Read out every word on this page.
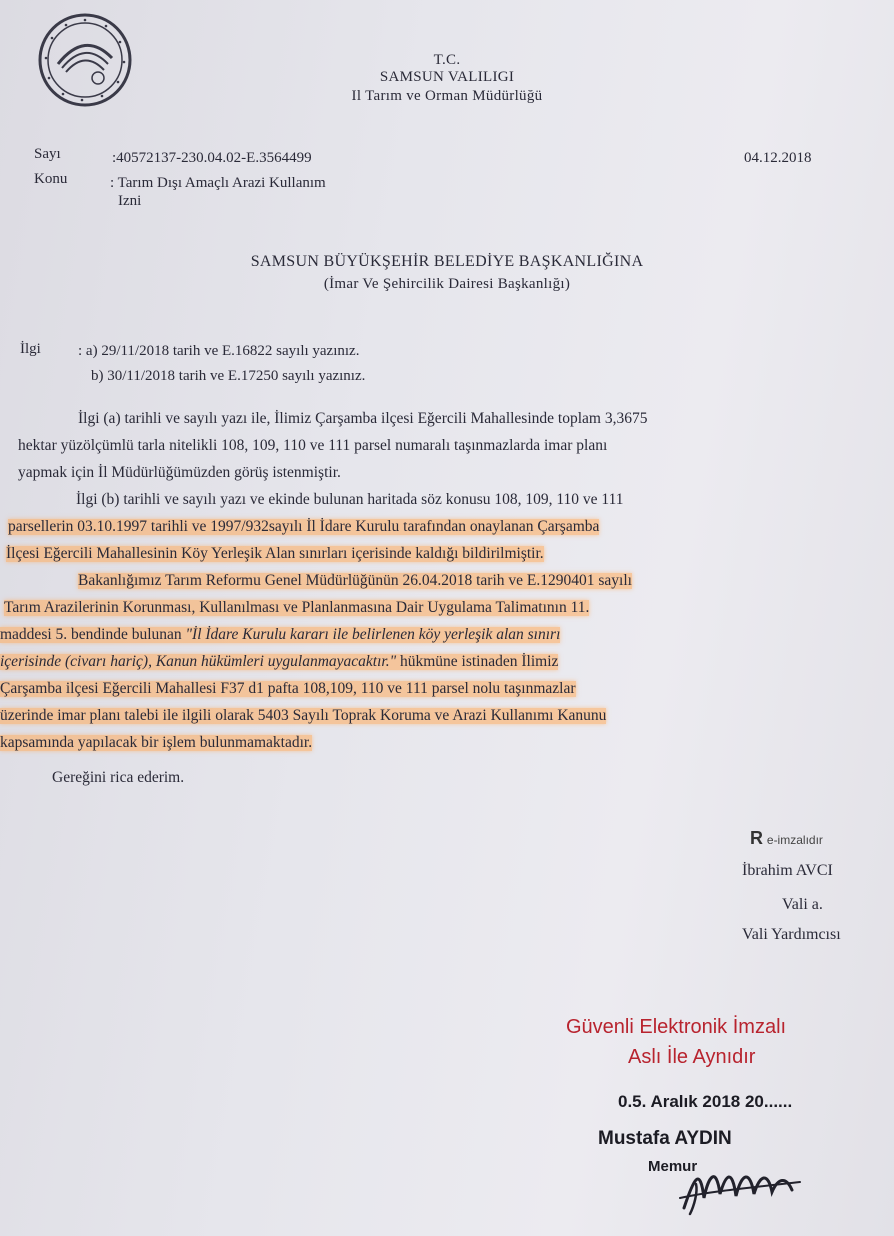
T.C.
SAMSUN VALILIGI
Il Tarım ve Orman Müdürlüğü
Sayı	:40572137-230.04.02-E.3564499	04.12.2018
Konu	: Tarım Dışı Amaçlı Arazi Kullanım
Izni
SAMSUN BÜYÜKŞEHİR BELEDİYE BAŞKANLIĞINA
(İmar Ve Şehircilik Dairesi Başkanlığı)
İlgi : a) 29/11/2018 tarih ve E.16822 sayılı yazınız.
b) 30/11/2018 tarih ve E.17250 sayılı yazınız.
İlgi (a) tarihli ve sayılı yazı ile, İlimiz Çarşamba ilçesi Eğercili Mahallesinde toplam 3,3675
hektar yüzölçümlü tarla nitelikli 108, 109, 110 ve 111 parsel numaralı taşınmazlarda imar planı
yapmak için İl Müdürlüğümüzden görüş istenmiştir.
İlgi (b) tarihli ve sayılı yazı ve ekinde bulunan haritada söz konusu 108, 109, 110 ve 111
parsellerin 03.10.1997 tarihli ve 1997/932sayılı İl İdare Kurulu tarafından onaylanan Çarşamba
İlçesi Eğercili Mahallesinin Köy Yerleşik Alan sınırları içerisinde kaldığı bildirilmiştir.
Bakanlığımız Tarım Reformu Genel Müdürlüğünün 26.04.2018 tarih ve E.1290401 sayılı
Tarım Arazilerinin Korunması, Kullanılması ve Planlanmasına Dair Uygulama Talimatının 11.
maddesi 5. bendinde bulunan "İl İdare Kurulu kararı ile belirlenen köy yerleşik alan sınırı
içerisinde (civarı hariç), Kanun hükümleri uygulanmayacaktır." hükmüne istinaden İlimiz
Çarşamba ilçesi Eğercili Mahallesi F37 d1 pafta 108,109, 110 ve 111 parsel nolu taşınmazlar
üzerinde imar planı talebi ile ilgili olarak 5403 Sayılı Toprak Koruma ve Arazi Kullanımı Kanunu
kapsamında yapılacak bir işlem bulunmamaktadır.
Gereğini rica ederim.
R e-imzalıdır
İbrahim AVCI
Vali a.
Vali Yardımcısı
Güvenli Elektronik İmzalı
Aslı İle Aynıdır
0.5. Aralık 2018 20......
Mustafa AYDIN
Memur
